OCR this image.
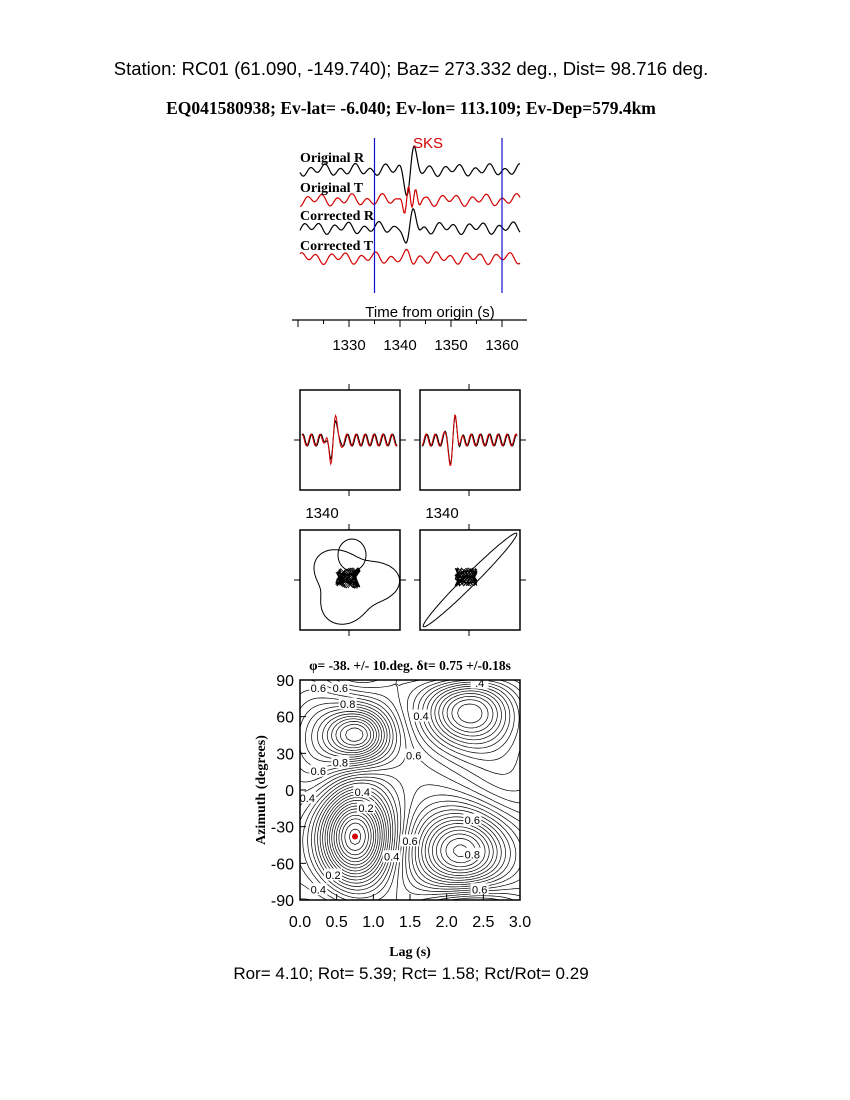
Station: RC01 (61.090, -149.740); Baz= 273.332 deg., Dist= 98.716 deg.
EQ041580938; Ev-lat= -6.040; Ev-lon= 113.109; Ev-Dep=579.4km
SKS
Original R
Original T
Corrected R
Corrected T
Time from origin (s)
1330 1340 1350 1360
1340	1340
φ= -38. +/- 10.deg. δt= 0.75 +/-0.18s
0.6 0.6
0.8
0.4
0.6
0.6
0.8
0.4
0.4
0.2
0.6
0.6
0.4	0.8
0.2
0.4	0.6
.4
0.0 0.5 1.0 1.5 2.0 2.5 3.0
90
60
30
0
-30
-60
-90
Lag (s)
Azimuth (degrees)
Ror= 4.10; Rot= 5.39; Rct= 1.58; Rct/Rot= 0.29
